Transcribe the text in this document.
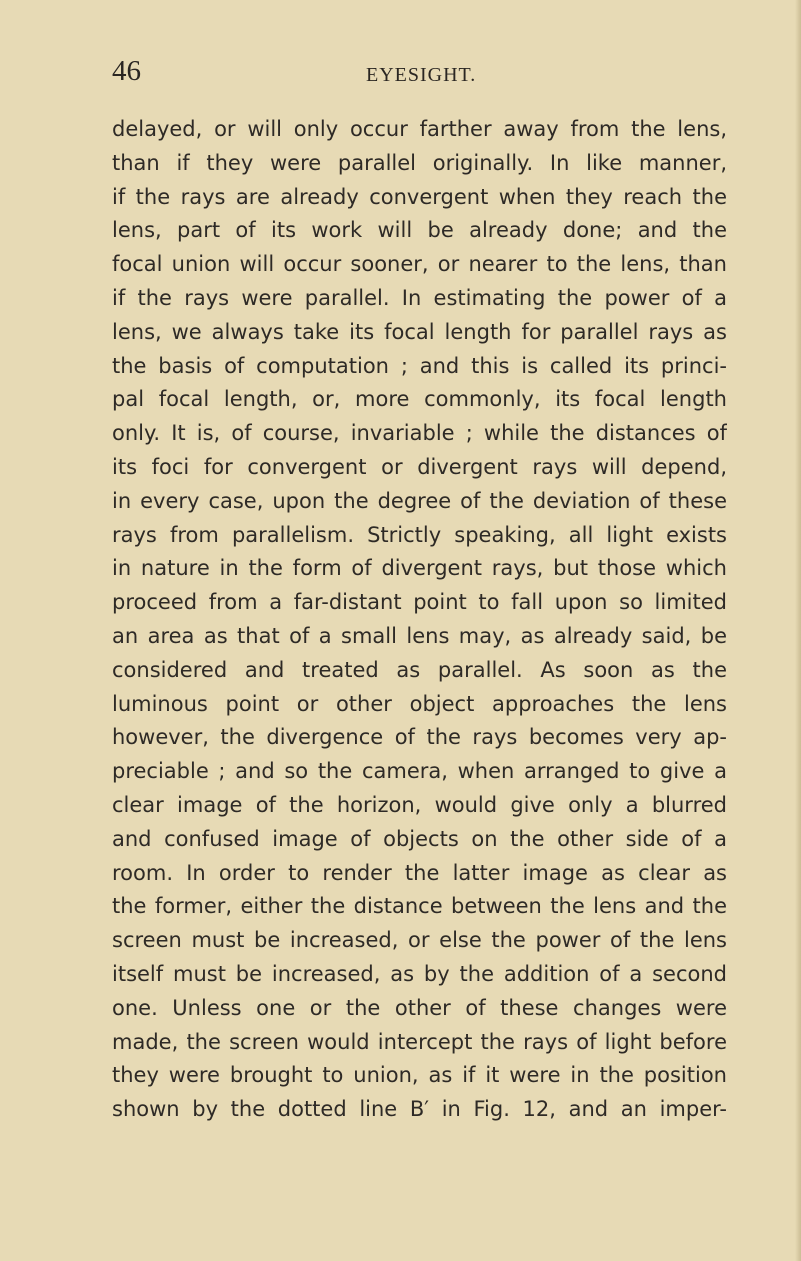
46	EYESIGHT.
delayed, or will only occur farther away from the lens,
than if they were parallel originally. In like manner,
if the rays are already convergent when they reach the
lens, part of its work will be already done; and the
focal union will occur sooner, or nearer to the lens, than
if the rays were parallel. In estimating the power of a
lens, we always take its focal length for parallel rays as
the basis of computation ; and this is called its princi-
pal focal length, or, more commonly, its focal length
only. It is, of course, invariable ; while the distances of
its foci for convergent or divergent rays will depend,
in every case, upon the degree of the deviation of these
rays from parallelism. Strictly speaking, all light exists
in nature in the form of divergent rays, but those which
proceed from a far-distant point to fall upon so limited
an area as that of a small lens may, as already said, be
considered and treated as parallel. As soon as the
luminous point or other object approaches the lens
however, the divergence of the rays becomes very ap-
preciable ; and so the camera, when arranged to give a
clear image of the horizon, would give only a blurred
and confused image of objects on the other side of a
room. In order to render the latter image as clear as
the former, either the distance between the lens and the
screen must be increased, or else the power of the lens
itself must be increased, as by the addition of a second
one. Unless one or the other of these changes were
made, the screen would intercept the rays of light before
they were brought to union, as if it were in the position
shown by the dotted line B′ in Fig. 12, and an imper-
